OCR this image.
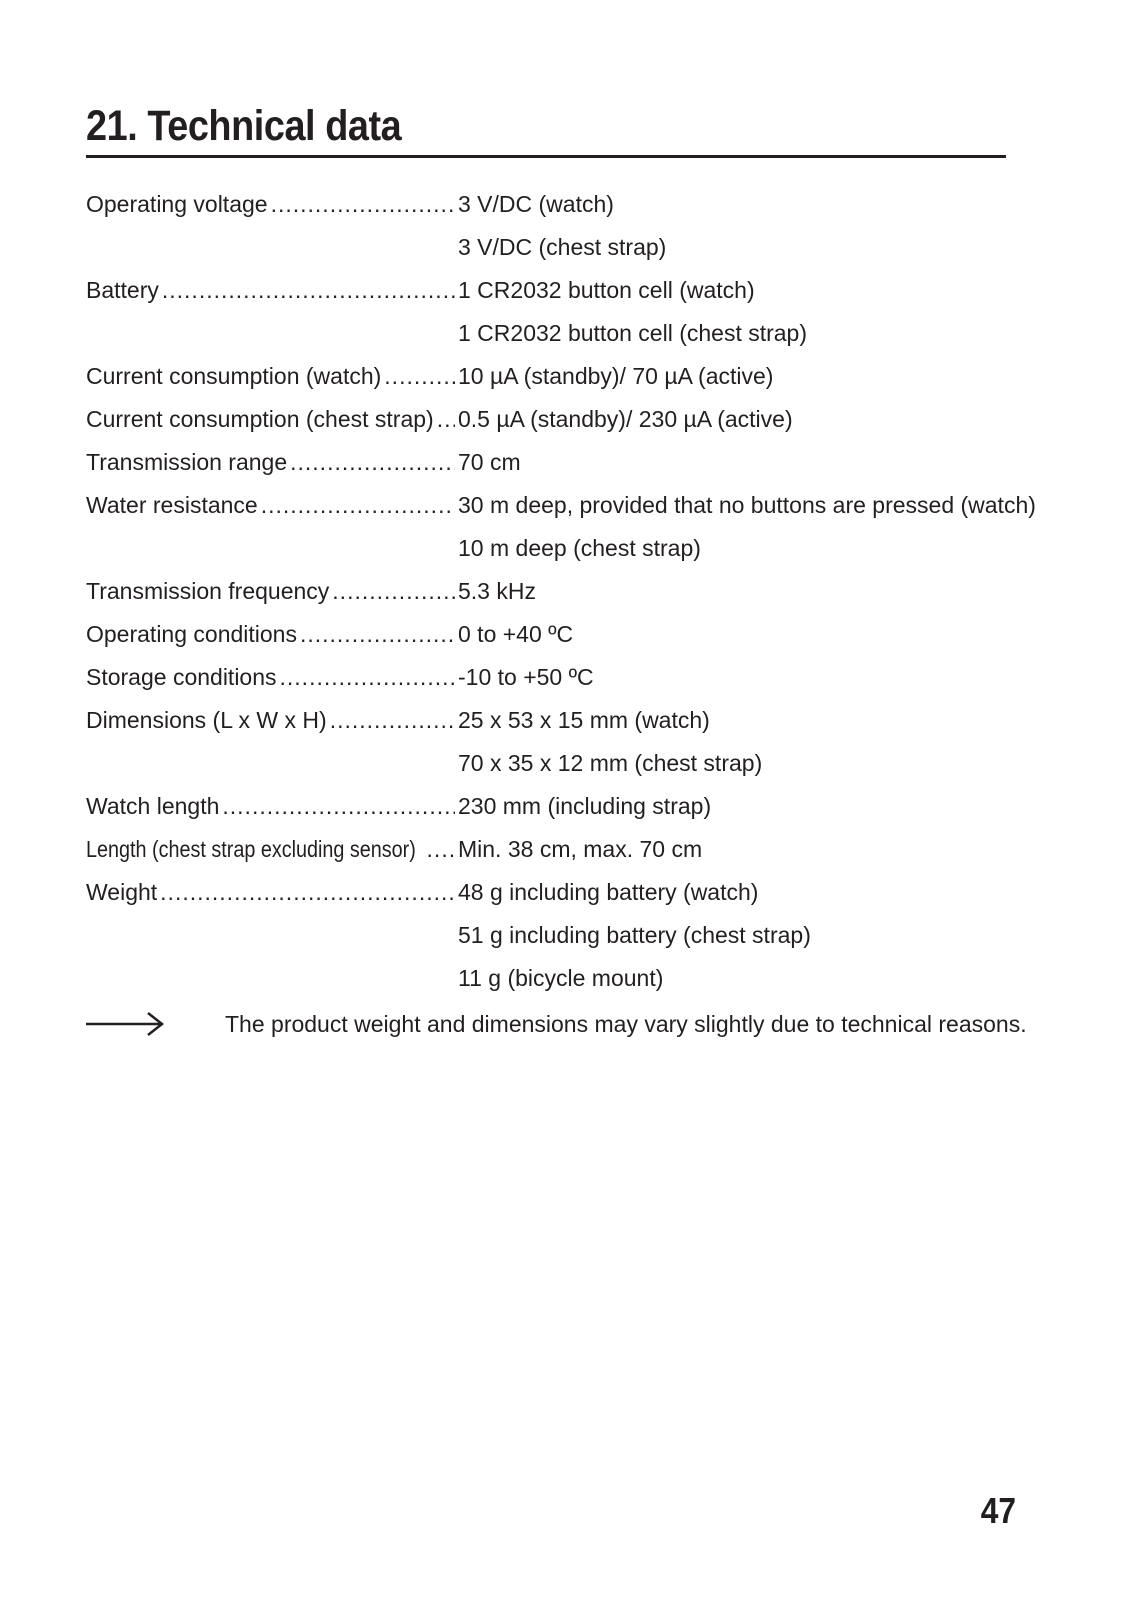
21. Technical data
Operating voltage .....	3 V/DC (watch)
3 V/DC (chest strap)
Battery .....	1 CR2032 button cell (watch)
1 CR2032 button cell (chest strap)
Current consumption (watch) .....	10 µA (standby)/ 70 µA (active)
Current consumption (chest strap) ..... 0.5 µA (standby)/ 230 µA (active)
Transmission range .....	70 cm
Water resistance .....	30 m deep, provided that no buttons are pressed (watch)
10 m deep (chest strap)
Transmission frequency .....	5.3 kHz
Operating conditions .....	0 to +40 ºC
Storage conditions .....	-10 to +50 ºC
Dimensions (L x W x H) .....	25 x 53 x 15 mm (watch)
70 x 35 x 12 mm (chest strap)
Watch length .....	230 mm (including strap)
Length (chest strap excluding sensor) ..... Min. 38 cm, max. 70 cm
Weight .....	48 g including battery (watch)
51 g including battery (chest strap)
11 g (bicycle mount)
The product weight and dimensions may vary slightly due to technical reasons.
47
